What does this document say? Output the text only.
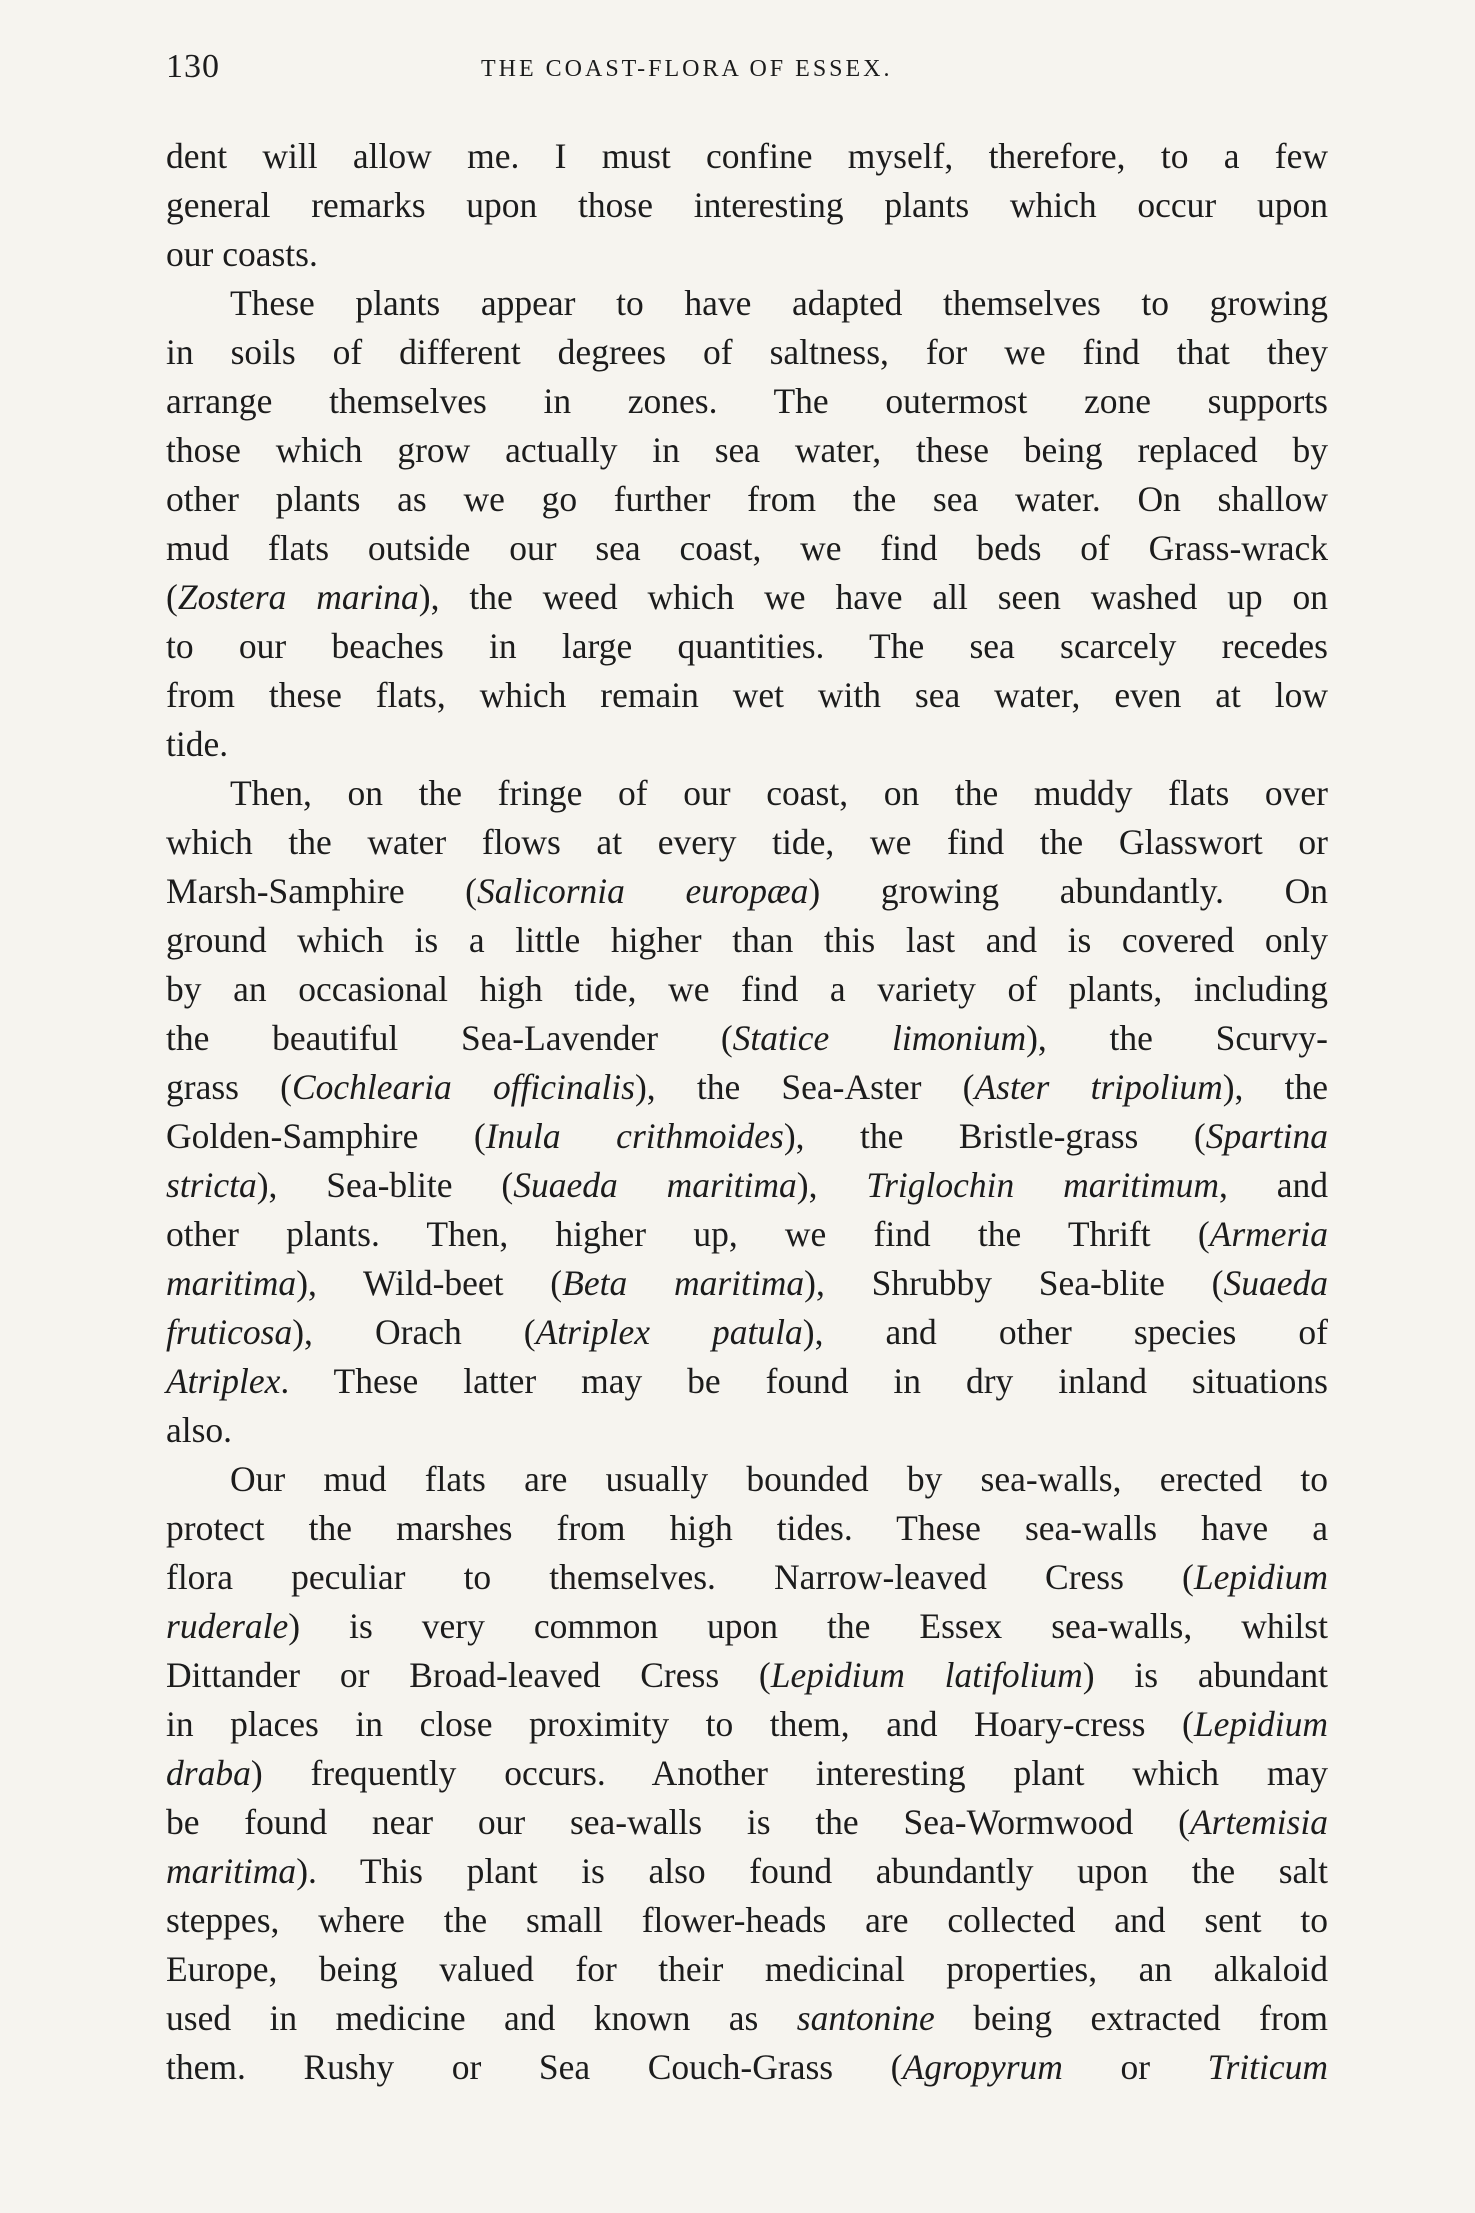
130	THE COAST-FLORA OF ESSEX.
dent will allow me. I must confine myself, therefore, to a few
general remarks upon those interesting plants which occur upon
our coasts.
These plants appear to have adapted themselves to growing
in soils of different degrees of saltness, for we find that they
arrange themselves in zones. The outermost zone supports
those which grow actually in sea water, these being replaced by
other plants as we go further from the sea water. On shallow
mud flats outside our sea coast, we find beds of Grass-wrack
(Zostera marina), the weed which we have all seen washed up on
to our beaches in large quantities. The sea scarcely recedes
from these flats, which remain wet with sea water, even at low
tide.
Then, on the fringe of our coast, on the muddy flats over
which the water flows at every tide, we find the Glasswort or
Marsh-Samphire (Salicornia europæa) growing abundantly. On
ground which is a little higher than this last and is covered only
by an occasional high tide, we find a variety of plants, including
the beautiful Sea-Lavender (Statice limonium), the Scurvy-
grass (Cochlearia officinalis), the Sea-Aster (Aster tripolium), the
Golden-Samphire (Inula crithmoides), the Bristle-grass (Spartina
stricta), Sea-blite (Suaeda maritima), Triglochin maritimum, and
other plants. Then, higher up, we find the Thrift (Armeria
maritima), Wild-beet (Beta maritima), Shrubby Sea-blite (Suaeda
fruticosa), Orach (Atriplex patula), and other species of
Atriplex. These latter may be found in dry inland situations
also.
Our mud flats are usually bounded by sea-walls, erected to
protect the marshes from high tides. These sea-walls have a
flora peculiar to themselves. Narrow-leaved Cress (Lepidium
ruderale) is very common upon the Essex sea-walls, whilst
Dittander or Broad-leaved Cress (Lepidium latifolium) is abundant
in places in close proximity to them, and Hoary-cress (Lepidium
draba) frequently occurs. Another interesting plant which may
be found near our sea-walls is the Sea-Wormwood (Artemisia
maritima). This plant is also found abundantly upon the salt
steppes, where the small flower-heads are collected and sent to
Europe, being valued for their medicinal properties, an alkaloid
used in medicine and known as santonine being extracted from
them. Rushy or Sea Couch-Grass (Agropyrum or Triticum
